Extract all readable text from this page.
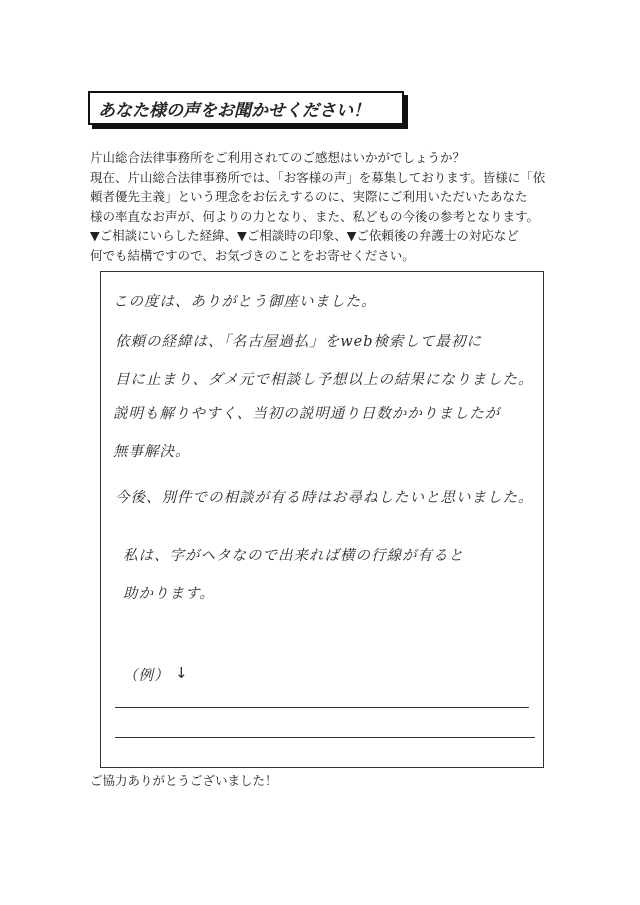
あなた様の声をお聞かせください！
片山総合法律事務所をご利用されてのご感想はいかがでしょうか？
現在、片山総合法律事務所では、「お客様の声」を募集しております。皆様に「依
頼者優先主義」という理念をお伝えするのに、実際にご利用いただいたあなた
様の率直なお声が、何よりの力となり、また、私どもの今後の参考となります。
▼ご相談にいらした経緯、▼ご相談時の印象、▼ご依頼後の弁護士の対応など
何でも結構ですので、お気づきのことをお寄せください。
この度は、ありがとう御座いました。
依頼の経緯は、「名古屋過払」をweb検索して最初に
目に止まり、ダメ元で相談し予想以上の結果になりました。
説明も解りやすく、当初の説明通り日数かかりましたが
無事解決。
今後、別件での相談が有る時はお尋ねしたいと思いました。
私は、字がヘタなので出来れば横の行線が有ると
助かります。
（例） ↓
ご協力ありがとうございました！
